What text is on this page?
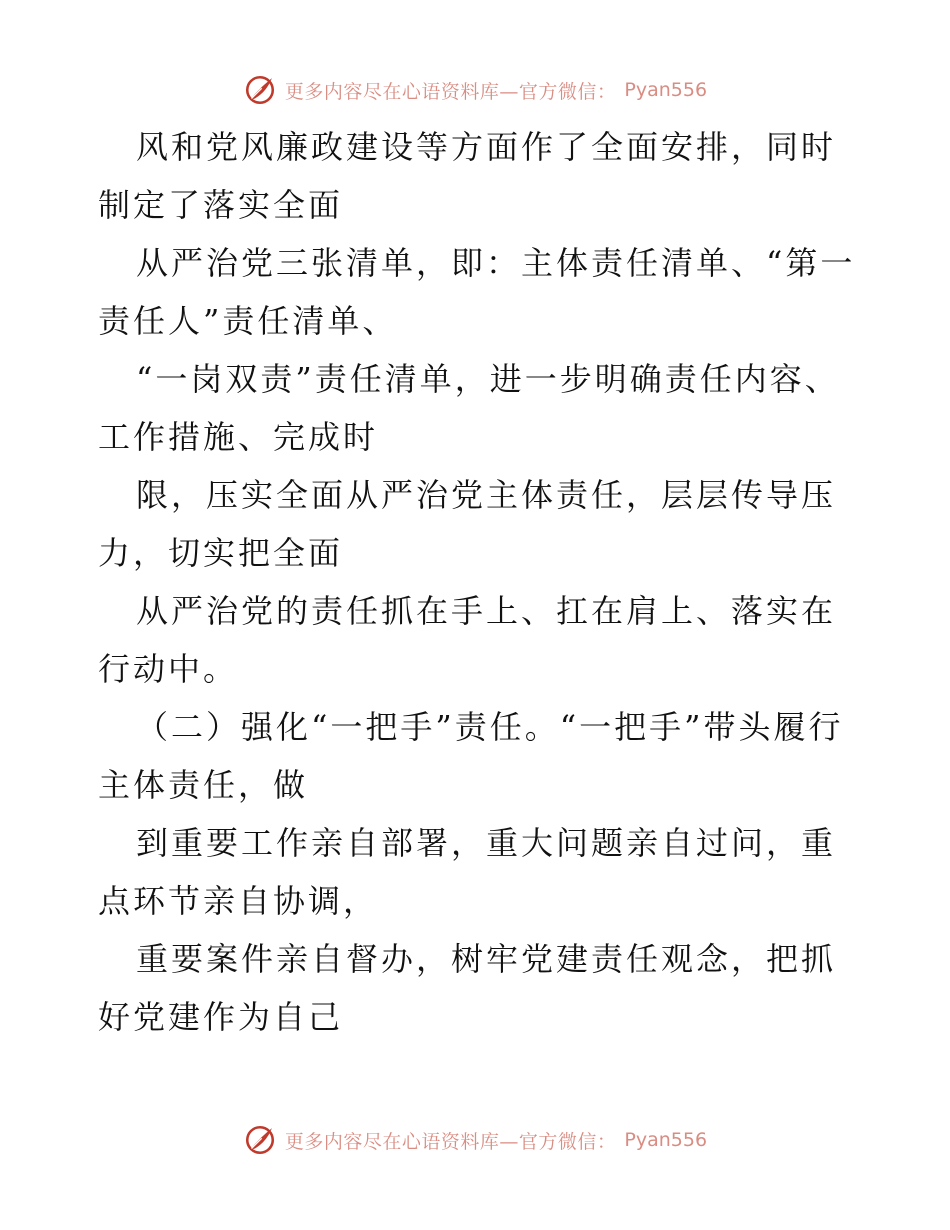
更多内容尽在心语资料库—官方微信： Pyan556

风和党风廉政建设等方面作了全面安排，同时制定了落实全面

从严治党三张清单，即：主体责任清单、“第一责任人”责任清单、

“一岗双责”责任清单，进一步明确责任内容、工作措施、完成时

限，压实全面从严治党主体责任，层层传导压力，切实把全面

从严治党的责任抓在手上、扛在肩上、落实在行动中。

（二）强化“一把手”责任。“一把手”带头履行主体责任，做

到重要工作亲自部署，重大问题亲自过问，重点环节亲自协调，

重要案件亲自督办，树牢党建责任观念，把抓好党建作为自己

更多内容尽在心语资料库—官方微信： Pyan556
